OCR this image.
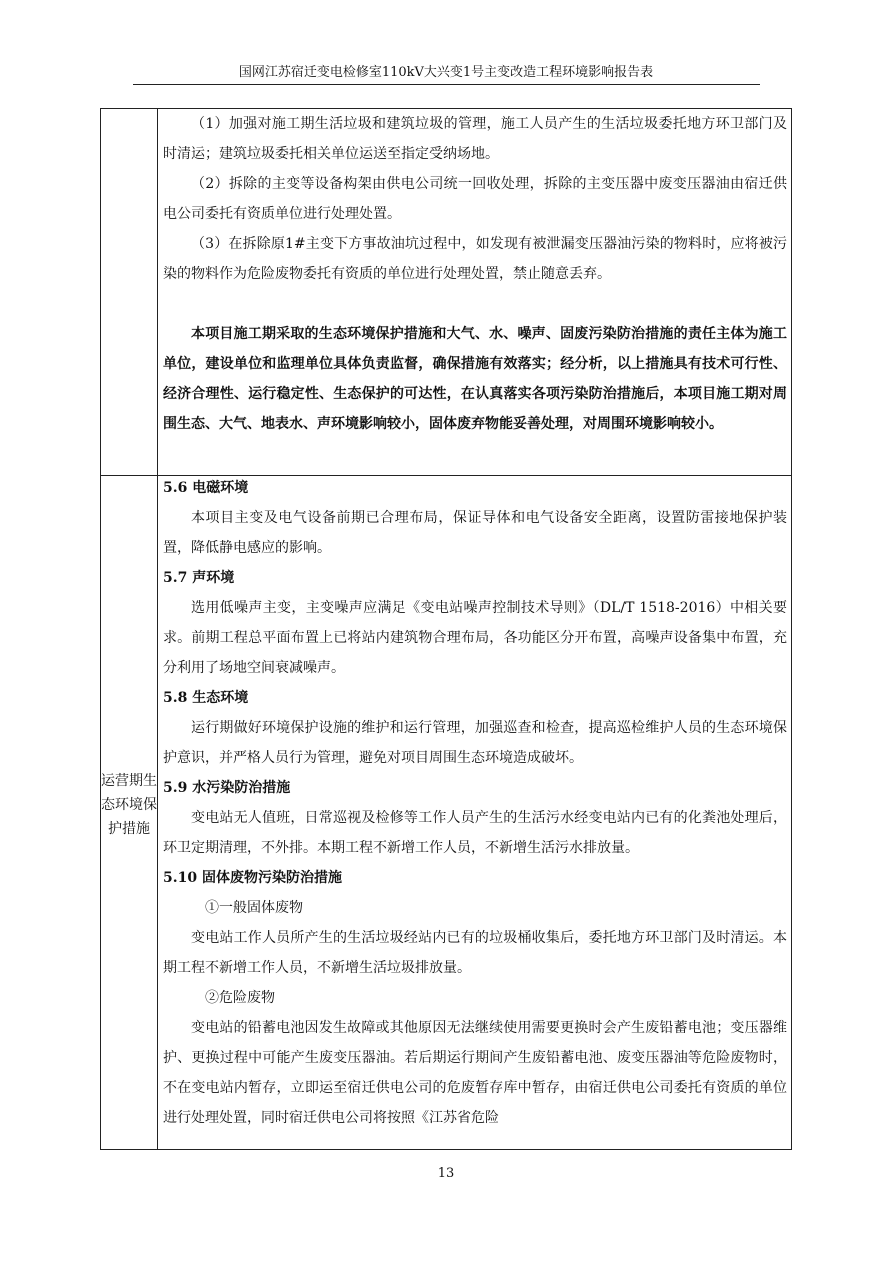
国网江苏宿迁变电检修室110kV大兴变1号主变改造工程环境影响报告表

（1）加强对施工期生活垃圾和建筑垃圾的管理，施工人员产生的生活垃圾委托地方环卫部门及时清运；建筑垃圾委托相关单位运送至指定受纳场地。

（2）拆除的主变等设备构架由供电公司统一回收处理，拆除的主变压器中废变压器油由宿迁供电公司委托有资质单位进行处理处置。

（3）在拆除原1#主变下方事故油坑过程中，如发现有被泄漏变压器油污染的物料时，应将被污染的物料作为危险废物委托有资质的单位进行处理处置，禁止随意丢弃。

本项目施工期采取的生态环境保护措施和大气、水、噪声、固废污染防治措施的责任主体为施工单位，建设单位和监理单位具体负责监督，确保措施有效落实；经分析，以上措施具有技术可行性、经济合理性、运行稳定性、生态保护的可达性，在认真落实各项污染防治措施后，本项目施工期对周围生态、大气、地表水、声环境影响较小，固体废弃物能妥善处理，对周围环境影响较小。

运营期生态环境保护措施

5.6 电磁环境

本项目主变及电气设备前期已合理布局，保证导体和电气设备安全距离，设置防雷接地保护装置，降低静电感应的影响。

5.7 声环境

选用低噪声主变，主变噪声应满足《变电站噪声控制技术导则》（DL/T 1518-2016）中相关要求。前期工程总平面布置上已将站内建筑物合理布局，各功能区分开布置，高噪声设备集中布置，充分利用了场地空间衰减噪声。

5.8 生态环境

运行期做好环境保护设施的维护和运行管理，加强巡查和检查，提高巡检维护人员的生态环境保护意识，并严格人员行为管理，避免对项目周围生态环境造成破坏。

5.9 水污染防治措施

变电站无人值班，日常巡视及检修等工作人员产生的生活污水经变电站内已有的化粪池处理后，环卫定期清理，不外排。本期工程不新增工作人员，不新增生活污水排放量。

5.10 固体废物污染防治措施

①一般固体废物

变电站工作人员所产生的生活垃圾经站内已有的垃圾桶收集后，委托地方环卫部门及时清运。本期工程不新增工作人员，不新增生活垃圾排放量。

②危险废物

变电站的铅蓄电池因发生故障或其他原因无法继续使用需要更换时会产生废铅蓄电池；变压器维护、更换过程中可能产生废变压器油。若后期运行期间产生废铅蓄电池、废变压器油等危险废物时，不在变电站内暂存，立即运至宿迁供电公司的危废暂存库中暂存，由宿迁供电公司委托有资质的单位进行处理处置，同时宿迁供电公司将按照《江苏省危险

13
